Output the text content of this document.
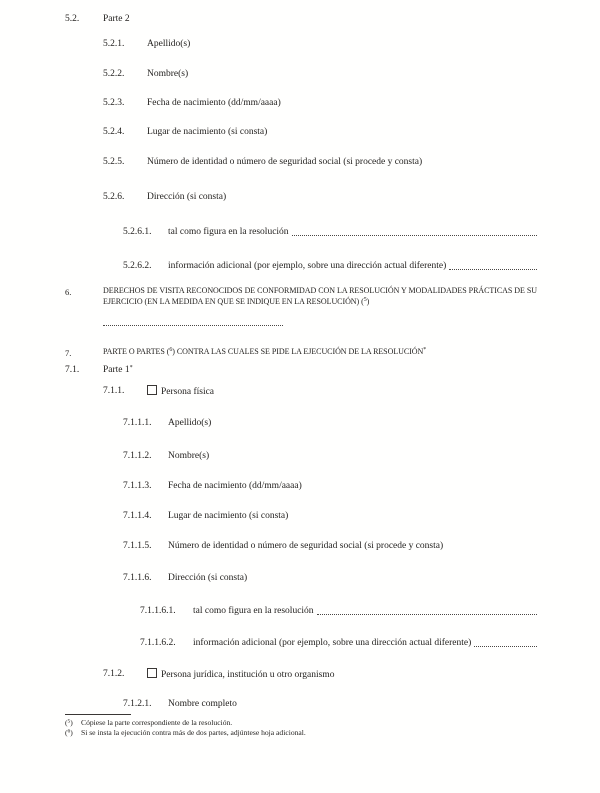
5.2.	Parte 2
5.2.1.	Apellido(s)
5.2.2.	Nombre(s)
5.2.3.	Fecha de nacimiento (dd/mm/aaaa)
5.2.4.	Lugar de nacimiento (si consta)
5.2.5.	Número de identidad o número de seguridad social (si procede y consta)
5.2.6.	Dirección (si consta)
5.2.6.1.	tal como figura en la resolución
5.2.6.2.	información adicional (por ejemplo, sobre una dirección actual diferente)
6.	DERECHOS DE VISITA RECONOCIDOS DE CONFORMIDAD CON LA RESOLUCIÓN Y MODALIDADES PRÁCTICAS DE SU EJERCICIO (EN LA MEDIDA EN QUE SE INDIQUE EN LA RESOLUCIÓN) ($^5$)
7.	PARTE O PARTES ($^6$) CONTRA LAS CUALES SE PIDE LA EJECUCIÓN DE LA RESOLUCIÓN*
7.1.	Parte 1*
7.1.1.	Persona física
7.1.1.1.	Apellido(s)
7.1.1.2.	Nombre(s)
7.1.1.3.	Fecha de nacimiento (dd/mm/aaaa)
7.1.1.4.	Lugar de nacimiento (si consta)
7.1.1.5.	Número de identidad o número de seguridad social (si procede y consta)
7.1.1.6.	Dirección (si consta)
7.1.1.6.1.	tal como figura en la resolución
7.1.1.6.2.	información adicional (por ejemplo, sobre una dirección actual diferente)
7.1.2.	Persona jurídica, institución u otro organismo
7.1.2.1.	Nombre completo
($^5$)	Cópiese la parte correspondiente de la resolución.
($^6$)	Si se insta la ejecución contra más de dos partes, adjúntese hoja adicional.
